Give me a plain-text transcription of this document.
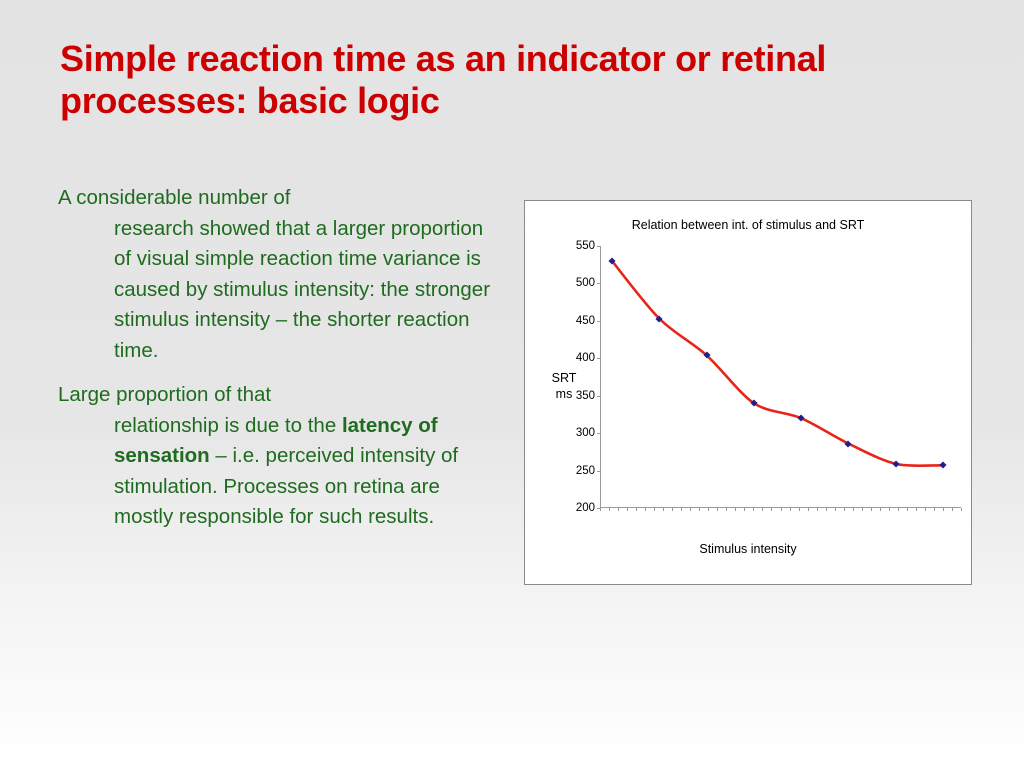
Simple reaction time as an indicator or retinal processes: basic logic
A considerable number of
research showed that a larger proportion of visual simple reaction time variance is caused by stimulus intensity: the stronger stimulus intensity – the shorter reaction time.
Large proportion of that
relationship is due to the latency of sensation – i.e. perceived intensity of stimulation. Processes on retina are mostly responsible for such results.
Relation between int. of stimulus and SRT
SRT
ms
550
500
450
400
350
300
250
200
Stimulus intensity
